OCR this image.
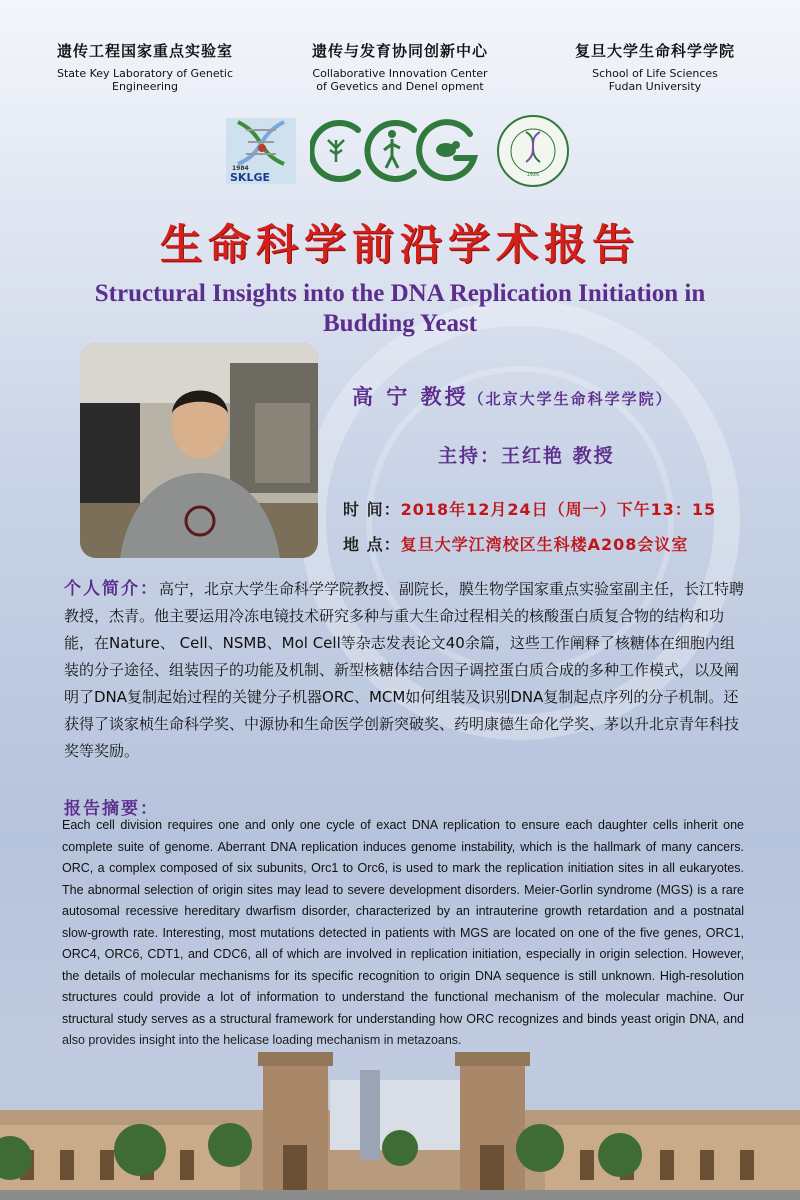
遗传工程国家重点实验室
State Key Laboratory of Genetic
Engineering
遗传与发育协同创新中心
Collaborative Innovation Center
of Gevetics and Denel opment
复旦大学生命科学学院
School of Life Sciences
Fudan University
1984
SKLGE	1926
生命科学前沿学术报告
Structural Insights into the DNA Replication Initiation in Budding Yeast
高 宁 教授（北京大学生命科学学院）
主持：王红艳 教授
时 间：2018年12月24日（周一）下午13：15
地 点：复旦大学江湾校区生科楼A208会议室
个人简介：高宁，北京大学生命科学学院教授、副院长，膜生物学国家重点实验室副主任，长江特聘教授，杰青。他主要运用冷冻电镜技术研究多种与重大生命过程相关的核酸蛋白质复合物的结构和功能，在Nature、 Cell、NSMB、Mol Cell等杂志发表论文40余篇，这些工作阐释了核糖体在细胞内组装的分子途径、组装因子的功能及机制、新型核糖体结合因子调控蛋白质合成的多种工作模式，以及阐明了DNA复制起始过程的关键分子机器ORC、MCM如何组装及识别DNA复制起点序列的分子机制。还获得了谈家桢生命科学奖、中源协和生命医学创新突破奖、药明康德生命化学奖、茅以升北京青年科技奖等奖励。
报告摘要：
Each cell division requires one and only one cycle of exact DNA replication to ensure each daughter cells inherit one complete suite of genome. Aberrant DNA replication induces genome instability, which is the hallmark of many cancers. ORC, a complex composed of six subunits, Orc1 to Orc6, is used to mark the replication initiation sites in all eukaryotes. The abnormal selection of origin sites may lead to severe development disorders. Meier-Gorlin syndrome (MGS) is a rare autosomal recessive hereditary dwarfism disorder, characterized by an intrauterine growth retardation and a postnatal slow-growth rate. Interesting, most mutations detected in patients with MGS are located on one of the five genes, ORC1, ORC4, ORC6, CDT1, and CDC6, all of which are involved in replication initiation, especially in origin selection. However, the details of molecular mechanisms for its specific recognition to origin DNA sequence is still unknown. High-resolution structures could provide a lot of information to understand the functional mechanism of the molecular machine. Our structural study serves as a structural framework for understanding how ORC recognizes and binds yeast origin DNA, and
